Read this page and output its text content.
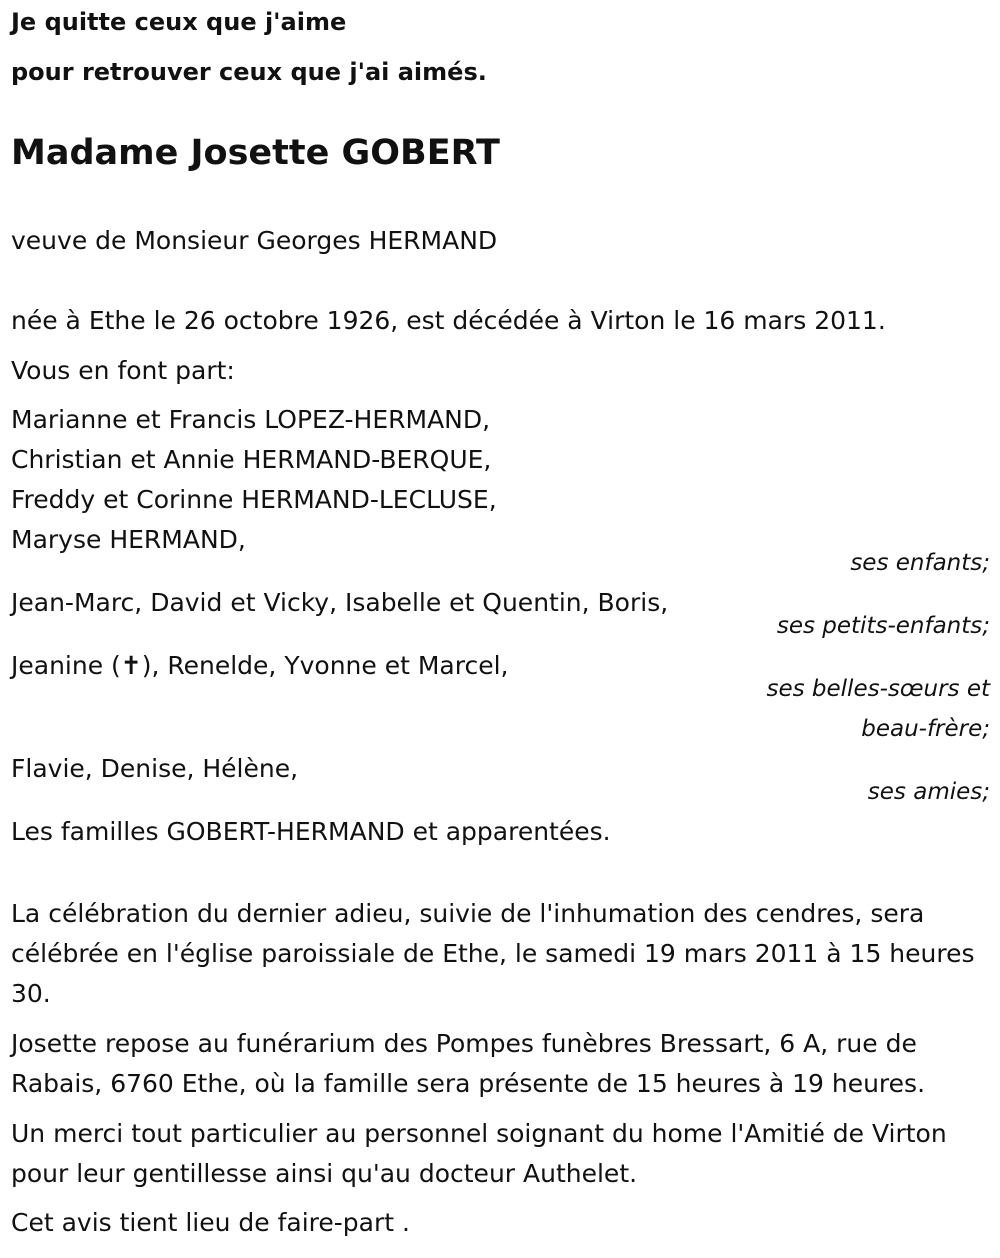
Je quitte ceux que j'aime
pour retrouver ceux que j'ai aimés.
Madame Josette GOBERT
veuve de Monsieur Georges HERMAND
née à Ethe le 26 octobre 1926, est décédée à Virton le 16 mars 2011.
Vous en font part:
Marianne et Francis LOPEZ-HERMAND,
Christian et Annie HERMAND-BERQUE,
Freddy et Corinne HERMAND-LECLUSE,
Maryse HERMAND,
ses enfants;
Jean-Marc, David et Vicky, Isabelle et Quentin, Boris,
ses petits-enfants;
Jeanine (✝), Renelde, Yvonne et Marcel,
ses belles-sœurs et
beau-frère;
Flavie, Denise, Hélène,
ses amies;
Les familles GOBERT-HERMAND et apparentées.
La célébration du dernier adieu, suivie de l'inhumation des cendres, sera célébrée en l'église paroissiale de Ethe, le samedi 19 mars 2011 à 15 heures 30.
Josette repose au funérarium des Pompes funèbres Bressart, 6 A, rue de Rabais, 6760 Ethe, où la famille sera présente de 15 heures à 19 heures.
Un merci tout particulier au personnel soignant du home l'Amitié de Virton pour leur gentillesse ainsi qu'au docteur Authelet.
Cet avis tient lieu de faire-part .
